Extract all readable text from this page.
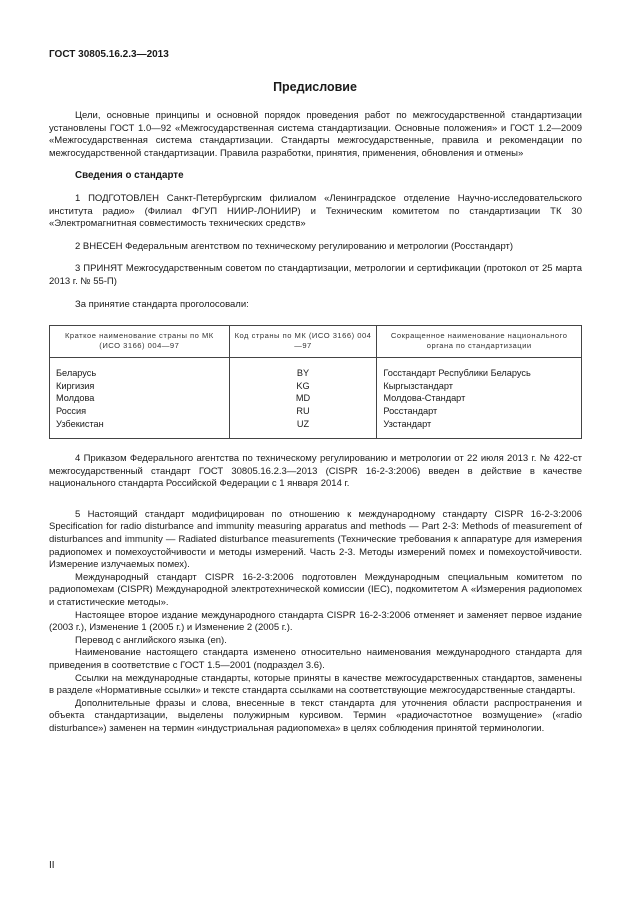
ГОСТ 30805.16.2.3—2013
Предисловие

Цели, основные принципы и основной порядок проведения работ по межгосударственной стандартизации установлены ГОСТ 1.0—92 «Межгосударственная система стандартизации. Основные положения» и ГОСТ 1.2—2009 «Межгосударственная система стандартизации. Стандарты межгосударственные, правила и рекомендации по межгосударственной стандартизации. Правила разработки, принятия, применения, обновления и отмены»

Сведения о стандарте

1 ПОДГОТОВЛЕН Санкт-Петербургским филиалом «Ленинградское отделение Научно-исследовательского института радио» (Филиал ФГУП НИИР-ЛОНИИР) и Техническим комитетом по стандартизации ТК 30 «Электромагнитная совместимость технических средств»

2 ВНЕСЕН Федеральным агентством по техническому регулированию и метрологии (Росстандарт)

3 ПРИНЯТ Межгосударственным советом по стандартизации, метрологии и сертификации (протокол от 25 марта 2013 г. № 55-П)

За принятие стандарта проголосовали:

Краткое наименование страны по МК (ИСО 3166) 004—97	Код страны по МК (ИСО 3166) 004—97	Сокращенное наименование национального органа по стандартизации
Беларусь	BY	Госстандарт Республики Беларусь
Киргизия	KG	Кыргызстандарт
Молдова	MD	Молдова-Стандарт
Россия	RU	Росстандарт
Узбекистан	UZ	Узстандарт

4 Приказом Федерального агентства по техническому регулированию и метрологии от 22 июля 2013 г. № 422-ст межгосударственный стандарт ГОСТ 30805.16.2.3—2013 (CISPR 16-2-3:2006) введен в действие в качестве национального стандарта Российской Федерации с 1 января 2014 г.

5 Настоящий стандарт модифицирован по отношению к международному стандарту CISPR 16-2-3:2006 Specification for radio disturbance and immunity measuring apparatus and methods — Part 2-3: Methods of measurement of disturbances and immunity — Radiated disturbance measurements (Технические требования к аппаратуре для измерения радиопомех и помехоустойчивости и методы измерений. Часть 2-3. Методы измерений помех и помехоустойчивости. Измерение излучаемых помех).

Международный стандарт CISPR 16-2-3:2006 подготовлен Международным специальным комитетом по радиопомехам (CISPR) Международной электротехнической комиссии (IEC), подкомитетом А «Измерения радиопомех и статистические методы».

Настоящее второе издание международного стандарта CISPR 16-2-3:2006 отменяет и заменяет первое издание (2003 г.), Изменение 1 (2005 г.) и Изменение 2 (2005 г.).

Перевод с английского языка (en).

Наименование настоящего стандарта изменено относительно наименования международного стандарта для приведения в соответствие с ГОСТ 1.5—2001 (подраздел 3.6).

Ссылки на международные стандарты, которые приняты в качестве межгосударственных стандартов, заменены в разделе «Нормативные ссылки» и тексте стандарта ссылками на соответствующие межгосударственные стандарты.

Дополнительные фразы и слова, внесенные в текст стандарта для уточнения области распространения и объекта стандартизации, выделены полужирным курсивом. Термин «радиочастотное возмущение» («radio disturbance») заменен на термин «индустриальная радиопомеха» в целях соблюдения принятой терминологии.

II
